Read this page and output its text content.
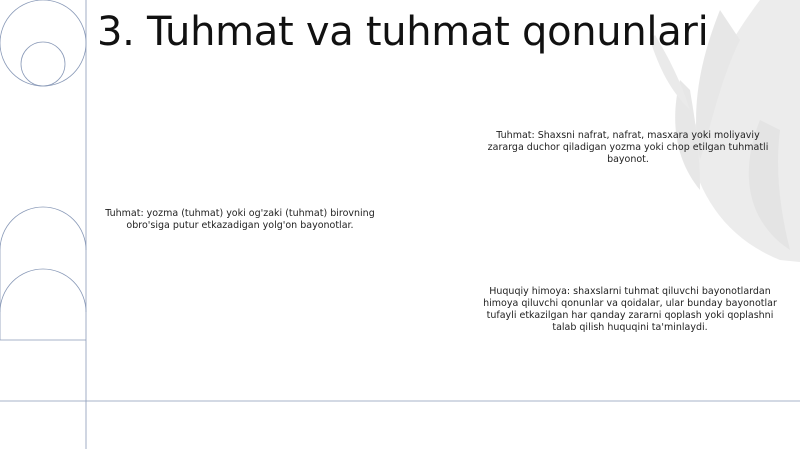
3. Tuhmat va tuhmat qonunlari

Tuhmat: Shaxsni nafrat, nafrat, masxara yoki moliyaviy zararga duchor qiladigan yozma yoki chop etilgan tuhmatli bayonot.

Tuhmat: yozma (tuhmat) yoki og'zaki (tuhmat) birovning obro'siga putur etkazadigan yolg'on bayonotlar.

Huquqiy himoya: shaxslarni tuhmat qiluvchi bayonotlardan himoya qiluvchi qonunlar va qoidalar, ular bunday bayonotlar tufayli etkazilgan har qanday zararni qoplash yoki qoplashni talab qilish huquqini ta'minlaydi.
